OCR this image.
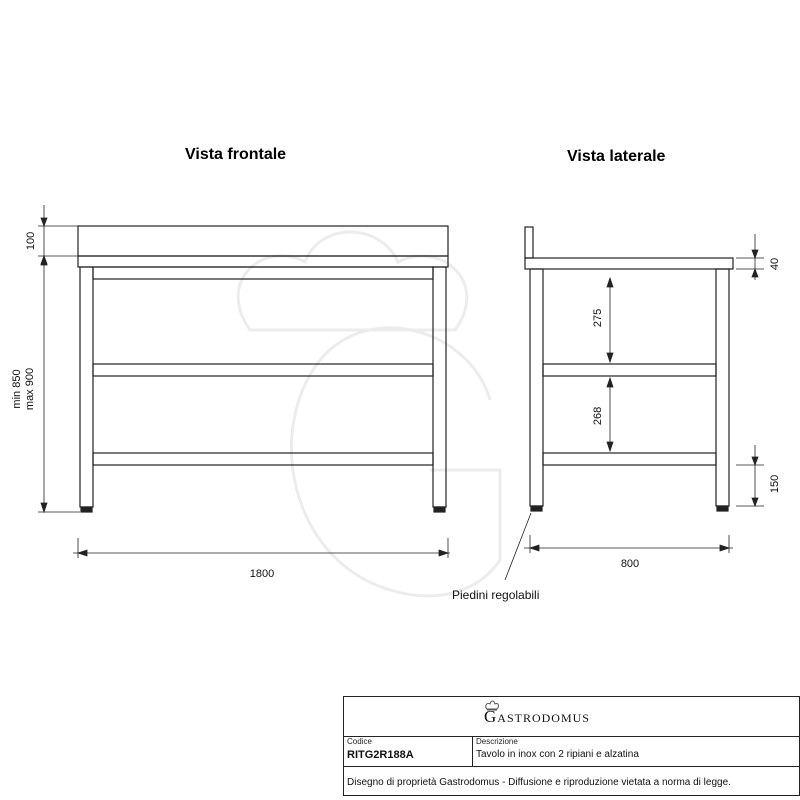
100
min 850 max 900
1800
275
268
40
150
800
Piedini regolabili
Vista frontale	Vista laterale
Gastrodomus
Codice
RITG2R188A
Descrizione
Tavolo in inox con 2 ripiani e alzatina
Disegno di proprietà Gastrodomus - Diffusione e riproduzione vietata a norma di legge.
